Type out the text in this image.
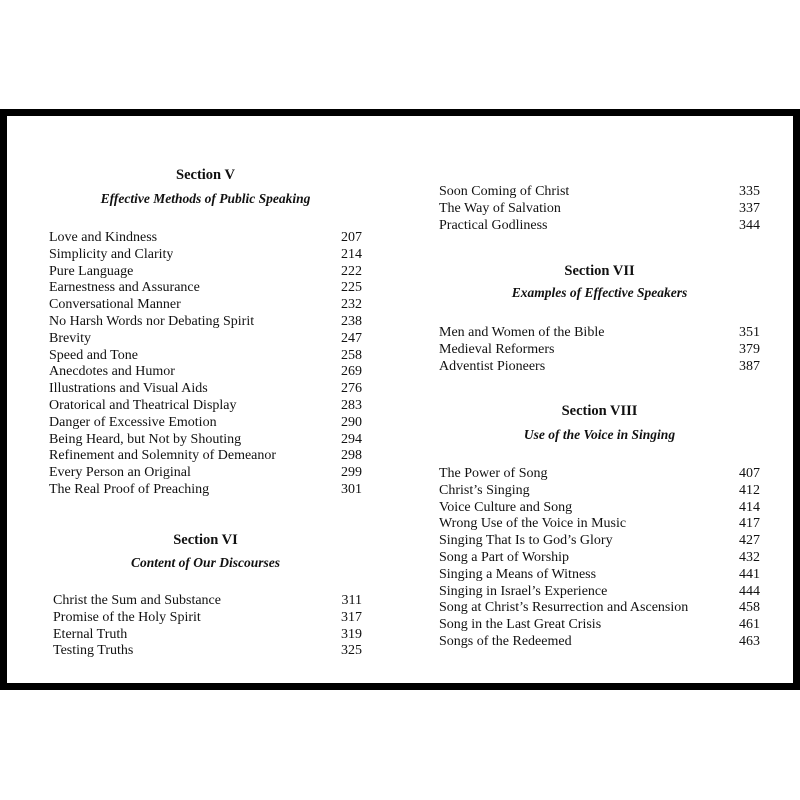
Section V
Effective Methods of Public Speaking
Love and Kindness	207
Simplicity and Clarity	214
Pure Language	222
Earnestness and Assurance	225
Conversational Manner	232
No Harsh Words nor Debating Spirit	238
Brevity	247
Speed and Tone	258
Anecdotes and Humor	269
Illustrations and Visual Aids	276
Oratorical and Theatrical Display	283
Danger of Excessive Emotion	290
Being Heard, but Not by Shouting	294
Refinement and Solemnity of Demeanor	298
Every Person an Original	299
The Real Proof of Preaching	301
Section VI
Content of Our Discourses
Christ the Sum and Substance	311
Promise of the Holy Spirit	317
Eternal Truth	319
Testing Truths	325
Soon Coming of Christ	335
The Way of Salvation	337
Practical Godliness	344
Section VII
Examples of Effective Speakers
Men and Women of the Bible	351
Medieval Reformers	379
Adventist Pioneers	387
Section VIII
Use of the Voice in Singing
The Power of Song	407
Christ’s Singing	412
Voice Culture and Song	414
Wrong Use of the Voice in Music	417
Singing That Is to God’s Glory	427
Song a Part of Worship	432
Singing a Means of Witness	441
Singing in Israel’s Experience	444
Song at Christ’s Resurrection and Ascension	458
Song in the Last Great Crisis	461
Songs of the Redeemed	463
